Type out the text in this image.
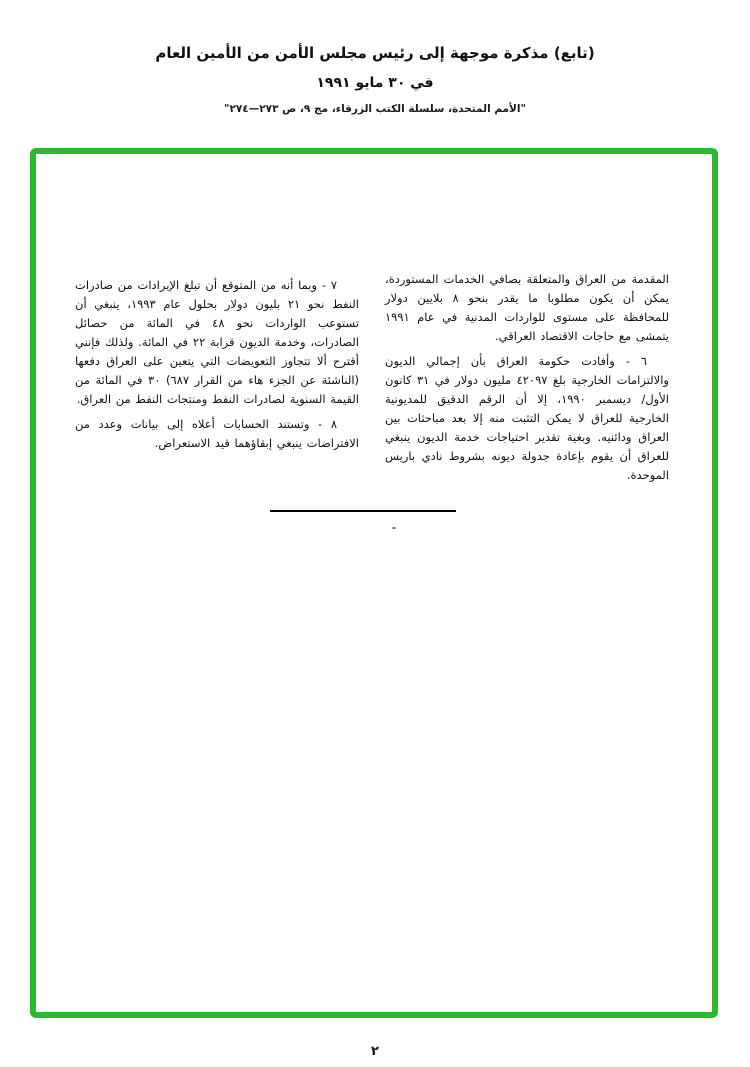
(تابع) مذكرة موجهة إلى رئيس مجلس الأمن من الأمين العام
في ٣٠ مايو ١٩٩١
"الأمم المتحدة، سلسلة الكتب الزرقاء، مج ٩، ص ٢٧٣—٢٧٤"

المقدمة من العراق والمتعلقة بصافي الخدمات المستوردة، يمكن أن يكون مطلوبا ما يقدر بنحو ٨ بلايين دولار للمحافظة على مستوى للواردات المدنية في عام ١٩٩١ يتمشى مع حاجات الاقتصاد العراقي.

٦ - وأفادت حكومة العراق بأن إجمالي الديون والالتزامات الخارجية بلغ ٤٢٠٩٧ مليون دولار في ٣١ كانون الأول/ ديسمبر ١٩٩٠، إلا أن الرقم الدقيق للمديونية الخارجية للعراق لا يمكن التثبت منه إلا بعد مباحثات بين العراق ودائنيه. وبغية تقدير احتياجات خدمة الديون ينبغي للعراق أن يقوم بإعادة جدولة ديونه بشروط نادي باريس الموحدة.

٧ - وبما أنه من المتوقع أن تبلغ الإيرادات من صادرات النفط نحو ٢١ بليون دولار بحلول عام ١٩٩٣، ينبغي أن تستوعب الواردات نحو ٤٨ في المائة من حصائل الصادرات، وخدمة الديون قرابة ٢٢ في المائة. ولذلك فإنني أقترح ألا تتجاوز التعويضات التي يتعين على العراق دفعها (الناشئة عن الجزء هاء من القرار ٦٨٧) ٣٠ في المائة من القيمة السنوية لصادرات النفط ومنتجات النفط من العراق.

٨ - وتستند الحسابات أعلاه إلى بيانات وعدد من الافتراضات ينبغي إبقاؤهما قيد الاستعراض.

٢
